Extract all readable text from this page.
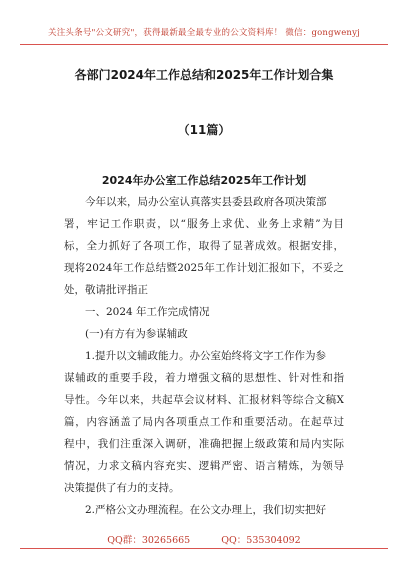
关注头条号"公文研究"，获得最新最全最专业的公文资料库！ 微信：gongwenyj
各部门2024年工作总结和2025年工作计划合集
（11篇）
2024年办公室工作总结2025年工作计划
今年以来，局办公室认真落实县委县政府各项决策部
署，牢记工作职责，以“服务上求优、业务上求精”为目
标，全力抓好了各项工作，取得了显著成效。根据安排，
现将2024年工作总结暨2025年工作计划汇报如下，不妥之
处，敬请批评指正
一、2024 年工作完成情况
(一)有方有为参谋辅政
1.提升以文辅政能力。办公室始终将文字工作作为参
谋辅政的重要手段，着力增强文稿的思想性、针对性和指
导性。今年以来，共起草会议材料、汇报材料等综合文稿X
篇，内容涵盖了局内各项重点工作和重要活动。在起草过
程中，我们注重深入调研，准确把握上级政策和局内实际
情况，力求文稿内容充实、逻辑严密、语言精炼，为领导
决策提供了有力的支持。
2.严格公文办理流程。在公文办理上，我们切实把好
QQ群：30265665	QQ：535304092
